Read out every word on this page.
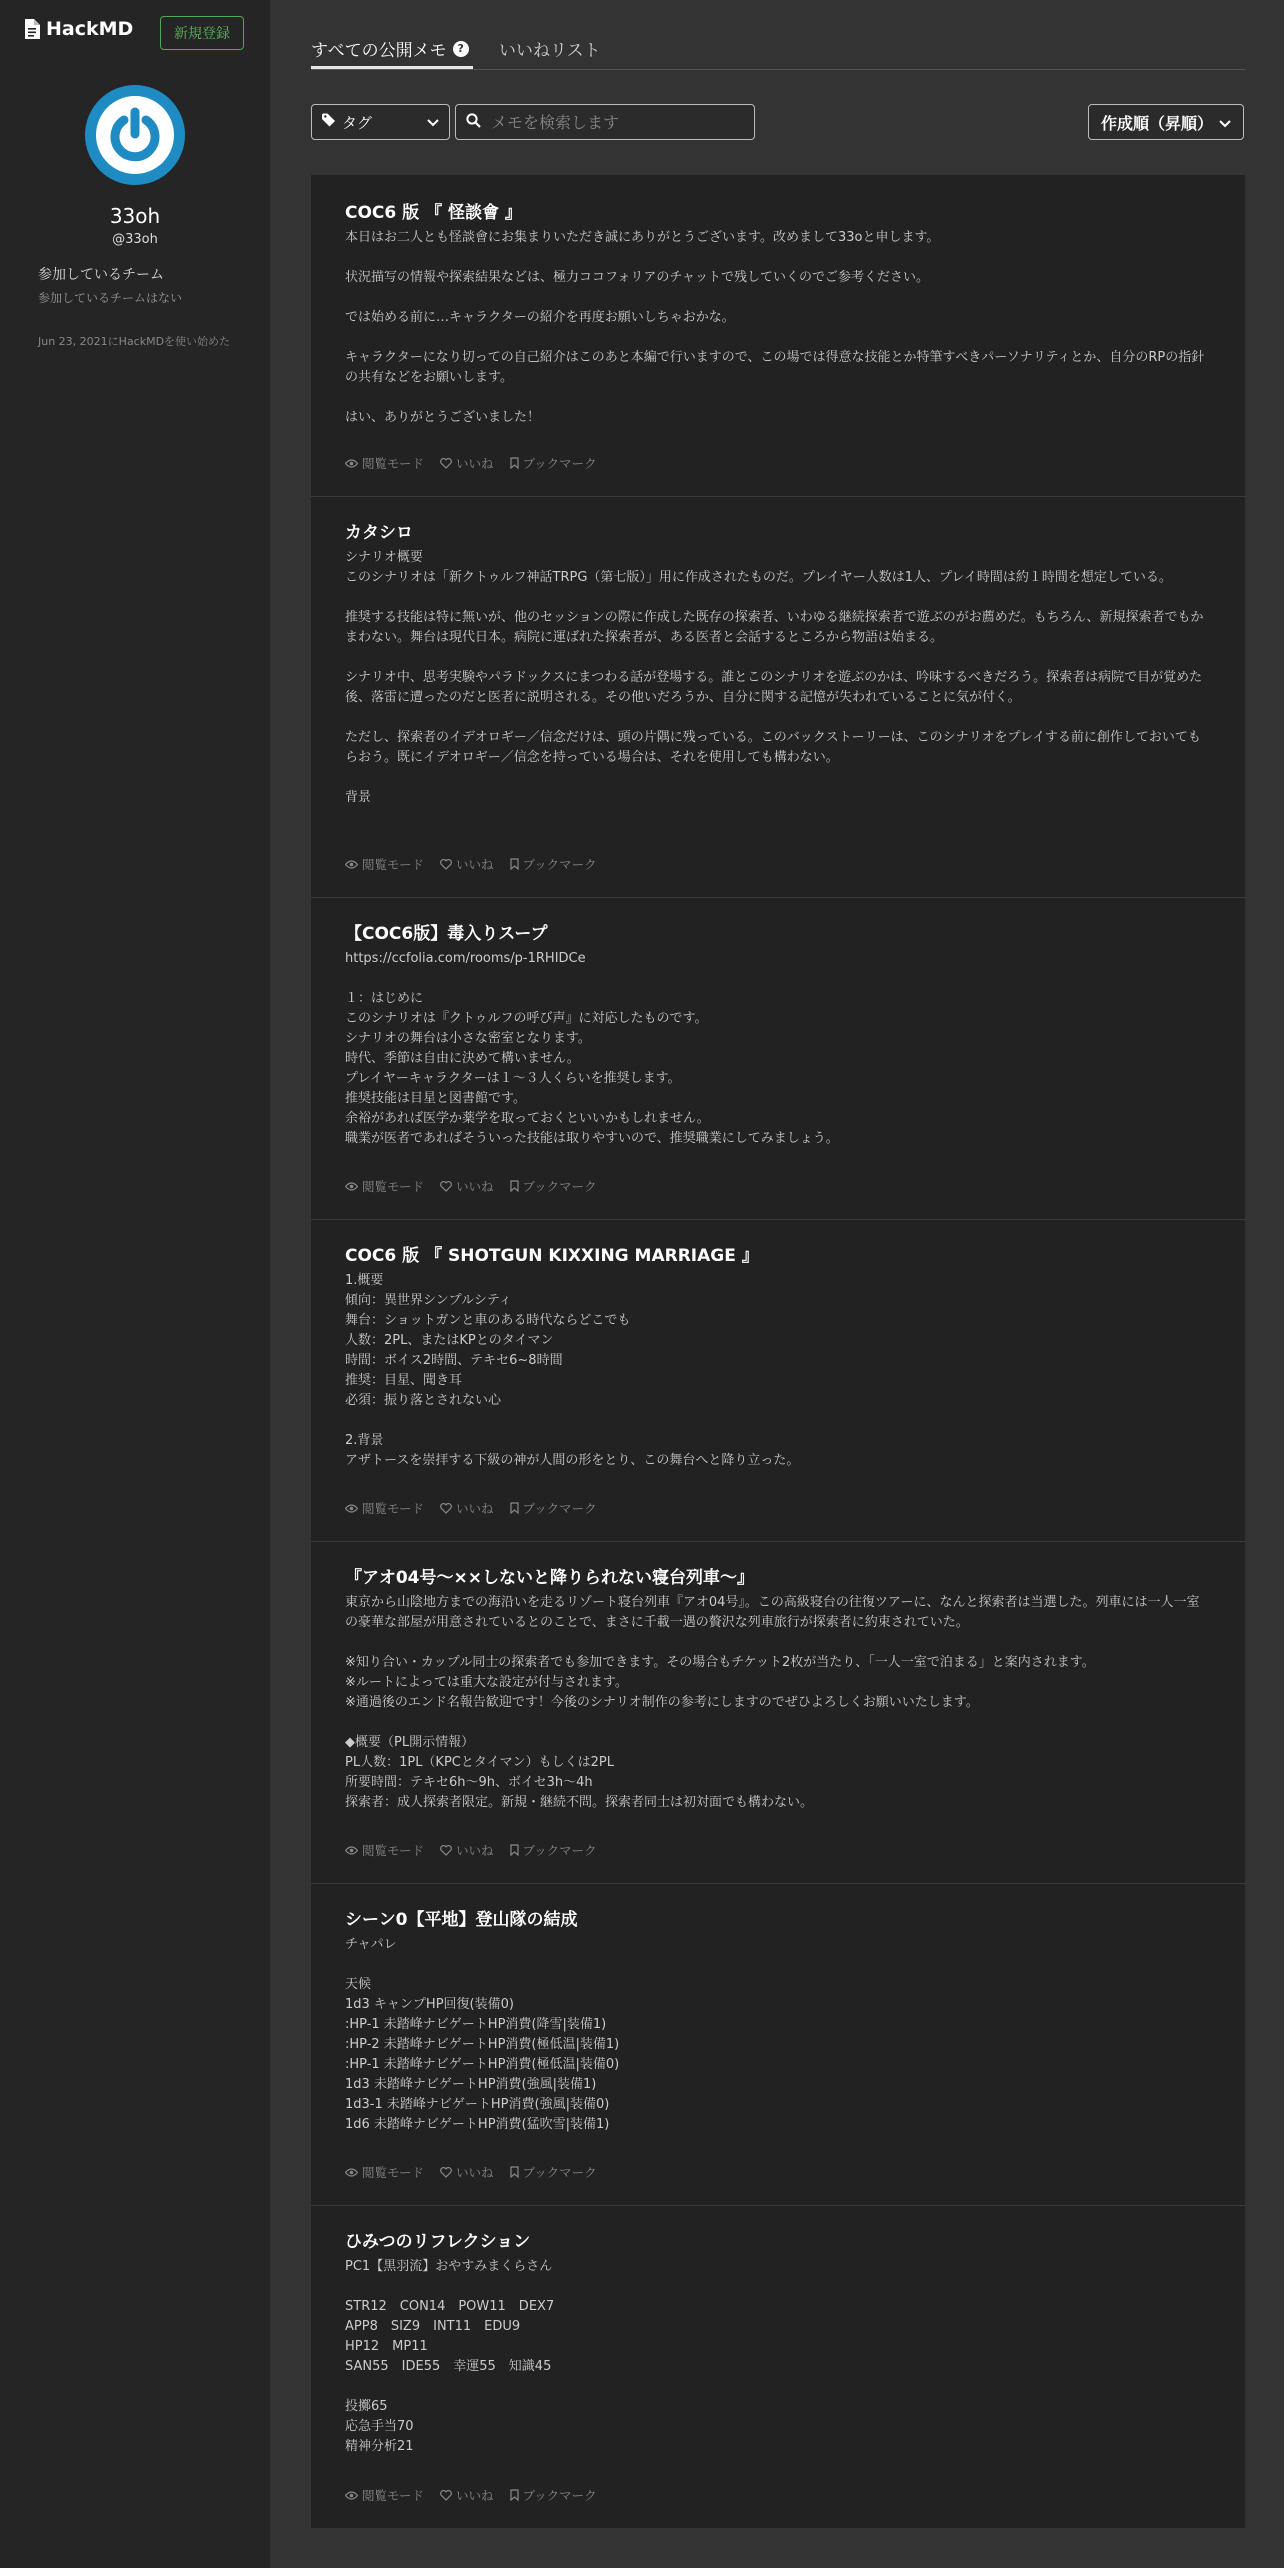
HackMD	新規登録
33oh
@33oh
参加しているチーム
参加しているチームはない
Jun 23, 2021にHackMDを使い始めた
すべての公開メモ ? いいねリスト
タグ
メモを検索します	作成順（昇順）
COC6 版 『 怪談會 』
本日はお二人とも怪談會にお集まりいただき誠にありがとうございます。改めまして33oと申します。

状況描写の情報や探索結果などは、極力ココフォリアのチャットで残していくのでご参考ください。

では始める前に…キャラクターの紹介を再度お願いしちゃおかな。

キャラクターになり切っての自己紹介はこのあと本編で行いますので、この場では得意な技能とか特筆すべきパーソナリティとか、自分のRPの指針の共有などをお願いします。

はい、ありがとうございました！
閲覧モード	いいね ブックマーク
カタシロ
シナリオ概要
このシナリオは「新クトゥルフ神話TRPG（第七版）」用に作成されたものだ。プレイヤー人数は1人、プレイ時間は約１時間を想定している。

推奨する技能は特に無いが、他のセッションの際に作成した既存の探索者、いわゆる継続探索者で遊ぶのがお薦めだ。もちろん、新規探索者でもかまわない。舞台は現代日本。病院に運ばれた探索者が、ある医者と会話するところから物語は始まる。

シナリオ中、思考実験やパラドックスにまつわる話が登場する。誰とこのシナリオを遊ぶのかは、吟味するべきだろう。探索者は病院で目が覚めた後、落雷に遭ったのだと医者に説明される。その他いだろうか、自分に関する記憶が失われていることに気が付く。

ただし、探索者のイデオロギー／信念だけは、頭の片隅に残っている。このバックストーリーは、このシナリオをプレイする前に創作しておいてもらおう。既にイデオロギー／信念を持っている場合は、それを使用しても構わない。

背景
閲覧モード	いいね ブックマーク
【COC6版】毒入りスープ
https://ccfolia.com/rooms/p-1RHIDCe

１：はじめに
このシナリオは『クトゥルフの呼び声』に対応したものです。
シナリオの舞台は小さな密室となります。
時代、季節は自由に決めて構いません。
プレイヤーキャラクターは１～３人くらいを推奨します。
推奨技能は目星と図書館です。
余裕があれば医学か薬学を取っておくといいかもしれません。
職業が医者であればそういった技能は取りやすいので、推奨職業にしてみましょう。
閲覧モード	いいね ブックマーク
COC6 版 『 SHOTGUN KIXXING MARRIAGE 』
1.概要
傾向：異世界シンプルシティ
舞台：ショットガンと車のある時代ならどこでも
人数：2PL、またはKPとのタイマン
時間：ボイス2時間、テキセ6~8時間
推奨：目星、聞き耳
必須：振り落とされない心

2.背景
アザトースを崇拝する下級の神が人間の形をとり、この舞台へと降り立った。
閲覧モード	いいね ブックマーク
『アオ04号～××しないと降りられない寝台列車～』
東京から山陰地方までの海沿いを走るリゾート寝台列車『アオ04号』。この高級寝台の往復ツアーに、なんと探索者は当選した。列車には一人一室の豪華な部屋が用意されているとのことで、まさに千載一遇の贅沢な列車旅行が探索者に約束されていた。

※知り合い・カップル同士の探索者でも参加できます。その場合もチケット2枚が当たり、「一人一室で泊まる」と案内されます。
※ルートによっては重大な設定が付与されます。
※通過後のエンド名報告歓迎です！今後のシナリオ制作の参考にしますのでぜひよろしくお願いいたします。

◆概要（PL開示情報）
PL人数：1PL（KPCとタイマン）もしくは2PL
所要時間：テキセ6h～9h、ボイセ3h～4h
探索者：成人探索者限定。新規・継続不問。探索者同士は初対面でも構わない。
閲覧モード	いいね ブックマーク
シーン0【平地】登山隊の結成
チャパレ

天候
1d3 キャンプHP回復(装備0)
:HP-1 未踏峰ナビゲートHP消費(降雪|装備1)
:HP-2 未踏峰ナビゲートHP消費(極低温|装備1)
:HP-1 未踏峰ナビゲートHP消費(極低温|装備0)
1d3 未踏峰ナビゲートHP消費(強風|装備1)
1d3-1 未踏峰ナビゲートHP消費(強風|装備0)
1d6 未踏峰ナビゲートHP消費(猛吹雪|装備1)
閲覧モード	いいね ブックマーク
ひみつのリフレクション
PC1【黒羽流】おやすみまくらさん

STR12　CON14　POW11　DEX7
APP8　SIZ9　INT11　EDU9
HP12　MP11
SAN55　IDE55　幸運55　知識45

投擲65
応急手当70
精神分析21
閲覧モード	いいね ブックマーク
